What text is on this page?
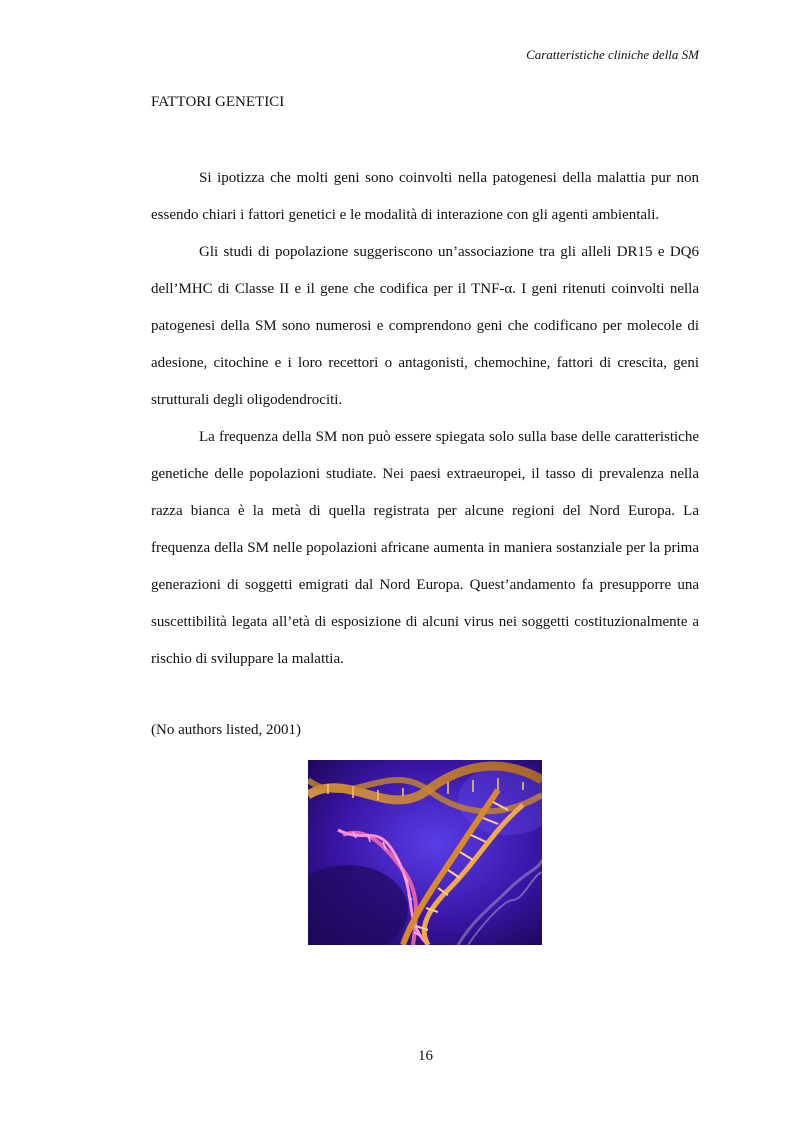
Caratteristiche cliniche della SM
FATTORI GENETICI

Si ipotizza che molti geni sono coinvolti nella patogenesi della malattia pur non essendo chiari i fattori genetici e le modalità di interazione con gli agenti ambientali.

Gli studi di popolazione suggeriscono un’associazione tra gli alleli DR15 e DQ6 dell’MHC di Classe II e il gene che codifica per il TNF-α. I geni ritenuti coinvolti nella patogenesi della SM sono numerosi e comprendono geni che codificano per molecole di adesione, citochine e i loro recettori o antagonisti, chemochine, fattori di crescita, geni strutturali degli oligodendrociti.

La frequenza della SM non può essere spiegata solo sulla base delle caratteristiche genetiche delle popolazioni studiate. Nei paesi extraeuropei, il tasso di prevalenza nella razza bianca è la metà di quella registrata per alcune regioni del Nord Europa. La frequenza della SM nelle popolazioni africane aumenta in maniera sostanziale per la prima generazioni di soggetti emigrati dal Nord Europa. Quest’andamento fa presupporre una suscettibilità legata all’età di esposizione di alcuni virus nei soggetti costituzionalmente a rischio di sviluppare la malattia.

(No authors listed, 2001)
16
